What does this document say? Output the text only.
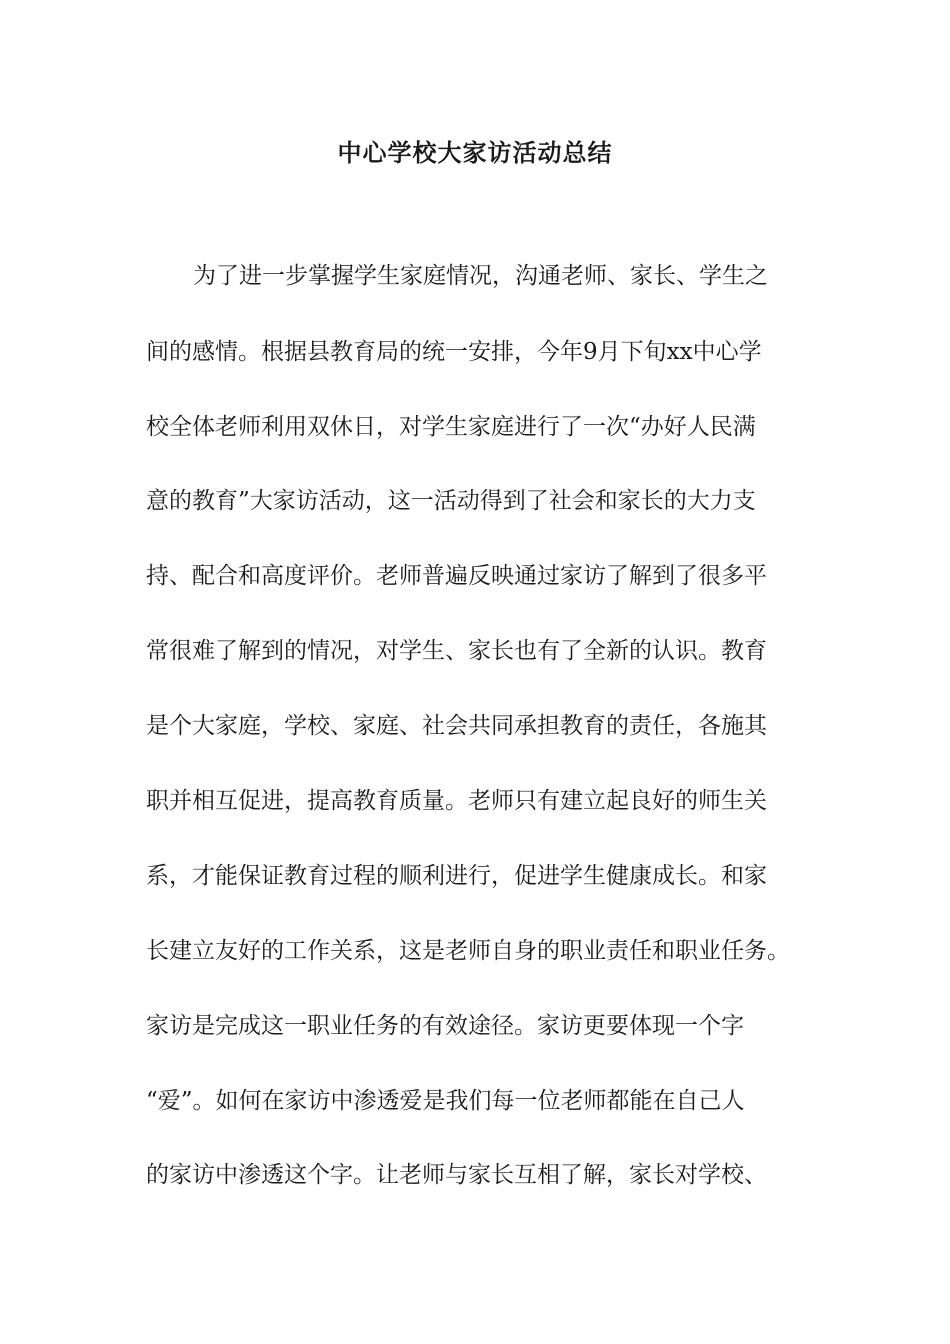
中心学校大家访活动总结

为了进一步掌握学生家庭情况，沟通老师、家长、学生之

间的感情。根据县教育局的统一安排，今年9月下旬xx中心学

校全体老师利用双休日，对学生家庭进行了一次“办好人民满

意的教育”大家访活动，这一活动得到了社会和家长的大力支

持、配合和高度评价。老师普遍反映通过家访了解到了很多平

常很难了解到的情况，对学生、家长也有了全新的认识。教育

是个大家庭，学校、家庭、社会共同承担教育的责任，各施其

职并相互促进，提高教育质量。老师只有建立起良好的师生关

系，才能保证教育过程的顺利进行，促进学生健康成长。和家

长建立友好的工作关系，这是老师自身的职业责任和职业任务。

家访是完成这一职业任务的有效途径。家访更要体现一个字

“爱”。如何在家访中渗透爱是我们每一位老师都能在自己人

的家访中渗透这个字。让老师与家长互相了解，家长对学校、
